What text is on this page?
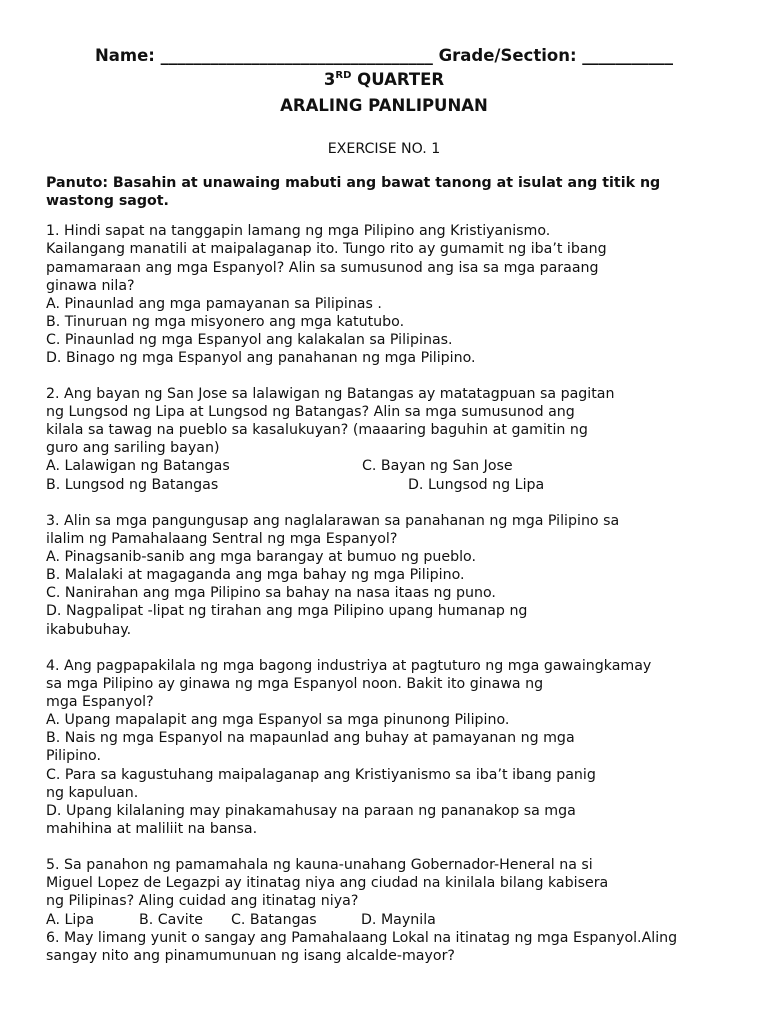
Name: _________________________________ Grade/Section: ___________
3RD QUARTER
ARALING PANLIPUNAN
EXERCISE NO. 1
Panuto: Basahin at unawaing mabuti ang bawat tanong at isulat ang titik ng
wastong sagot.
1. Hindi sapat na tanggapin lamang ng mga Pilipino ang Kristiyanismo.
Kailangang manatili at maipalaganap ito. Tungo rito ay gumamit ng iba’t ibang
pamamaraan ang mga Espanyol? Alin sa sumusunod ang isa sa mga paraang
ginawa nila?
A. Pinaunlad ang mga pamayanan sa Pilipinas .
B. Tinuruan ng mga misyonero ang mga katutubo.
C. Pinaunlad ng mga Espanyol ang kalakalan sa Pilipinas.
D. Binago ng mga Espanyol ang panahanan ng mga Pilipino.
2. Ang bayan ng San Jose sa lalawigan ng Batangas ay matatagpuan sa pagitan
ng Lungsod ng Lipa at Lungsod ng Batangas? Alin sa mga sumusunod ang
kilala sa tawag na pueblo sa kasalukuyan? (maaaring baguhin at gamitin ng
guro ang sariling bayan)
A. Lalawigan ng Batangas	C. Bayan ng San Jose
B. Lungsod ng Batangas	D. Lungsod ng Lipa
3. Alin sa mga pangungusap ang naglalarawan sa panahanan ng mga Pilipino sa
ilalim ng Pamahalaang Sentral ng mga Espanyol?
A. Pinagsanib-sanib ang mga barangay at bumuo ng pueblo.
B. Malalaki at magaganda ang mga bahay ng mga Pilipino.
C. Nanirahan ang mga Pilipino sa bahay na nasa itaas ng puno.
D. Nagpalipat -lipat ng tirahan ang mga Pilipino upang humanap ng
ikabubuhay.
4. Ang pagpapakilala ng mga bagong industriya at pagtuturo ng mga gawaingkamay
sa mga Pilipino ay ginawa ng mga Espanyol noon. Bakit ito ginawa ng
mga Espanyol?
A. Upang mapalapit ang mga Espanyol sa mga pinunong Pilipino.
B. Nais ng mga Espanyol na mapaunlad ang buhay at pamayanan ng mga
Pilipino.
C. Para sa kagustuhang maipalaganap ang Kristiyanismo sa iba’t ibang panig
ng kapuluan.
D. Upang kilalaning may pinakamahusay na paraan ng pananakop sa mga
mahihina at maliliit na bansa.
5. Sa panahon ng pamamahala ng kauna-unahang Gobernador-Heneral na si
Miguel Lopez de Legazpi ay itinatag niya ang ciudad na kinilala bilang kabisera
ng Pilipinas? Aling cuidad ang itinatag niya?
A. Lipa	B. Cavite C. Batangas	D. Maynila
6. May limang yunit o sangay ang Pamahalaang Lokal na itinatag ng mga Espanyol.Aling
sangay nito ang pinamumunuan ng isang alcalde-mayor?
